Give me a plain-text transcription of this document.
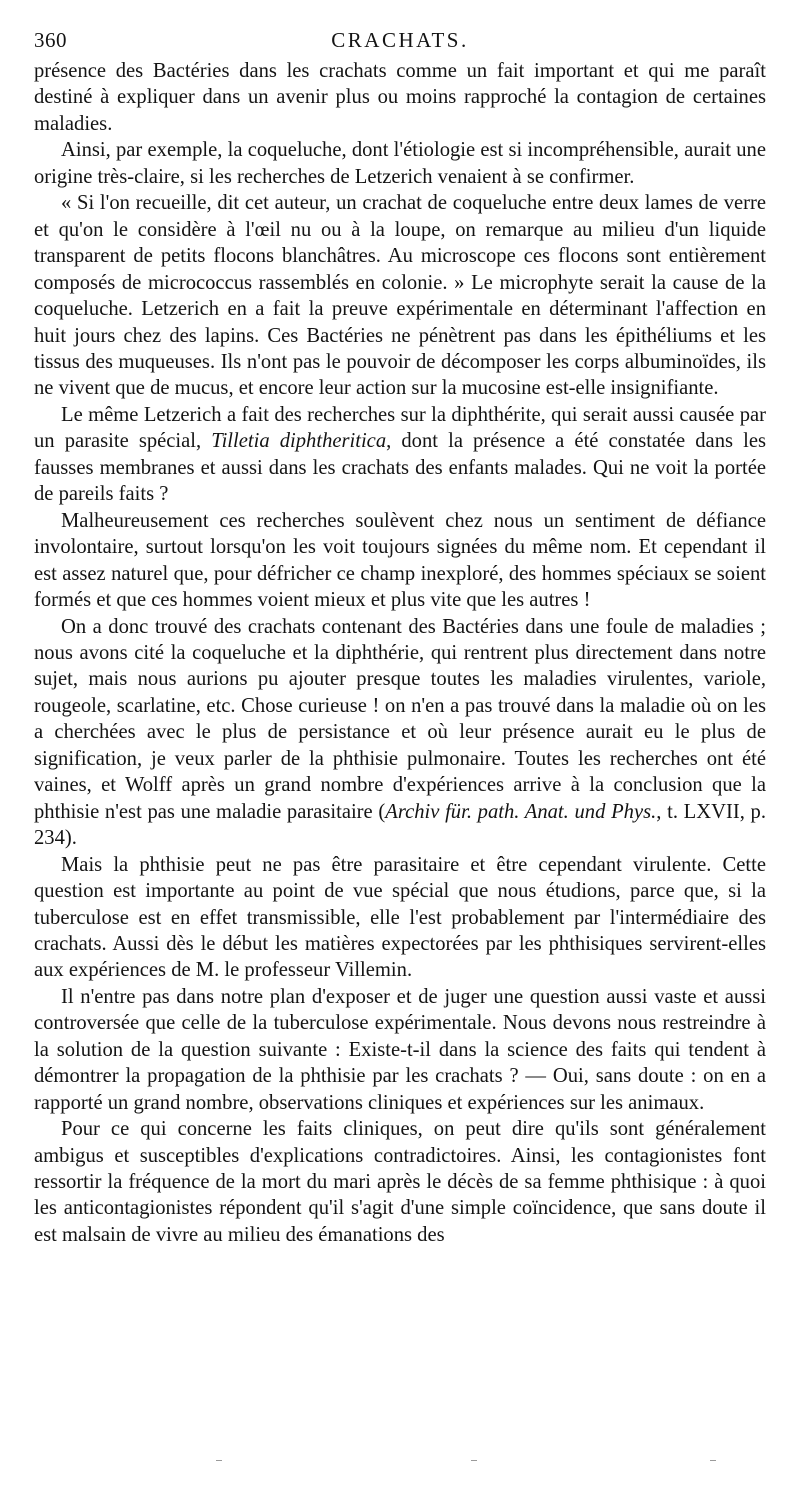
360	CRACHATS.

présence des Bactéries dans les crachats comme un fait important et qui me paraît destiné à expliquer dans un avenir plus ou moins rapproché la contagion de certaines maladies.

Ainsi, par exemple, la coqueluche, dont l'étiologie est si incompréhensible, aurait une origine très-claire, si les recherches de Letzerich venaient à se confirmer.

« Si l'on recueille, dit cet auteur, un crachat de coqueluche entre deux lames de verre et qu'on le considère à l'œil nu ou à la loupe, on remarque au milieu d'un liquide transparent de petits flocons blanchâtres. Au microscope ces flocons sont entièrement composés de micrococcus rassemblés en colonie. » Le microphyte serait la cause de la coqueluche. Letzerich en a fait la preuve expérimentale en déterminant l'affection en huit jours chez des lapins. Ces Bactéries ne pénètrent pas dans les épithéliums et les tissus des muqueuses. Ils n'ont pas le pouvoir de décomposer les corps albuminoïdes, ils ne vivent que de mucus, et encore leur action sur la mucosine est-elle insignifiante.

Le même Letzerich a fait des recherches sur la diphthérite, qui serait aussi causée par un parasite spécial, Tilletia diphtheritica, dont la présence a été constatée dans les fausses membranes et aussi dans les crachats des enfants malades. Qui ne voit la portée de pareils faits ?

Malheureusement ces recherches soulèvent chez nous un sentiment de défiance involontaire, surtout lorsqu'on les voit toujours signées du même nom. Et cependant il est assez naturel que, pour défricher ce champ inexploré, des hommes spéciaux se soient formés et que ces hommes voient mieux et plus vite que les autres !

On a donc trouvé des crachats contenant des Bactéries dans une foule de maladies ; nous avons cité la coqueluche et la diphthérie, qui rentrent plus directement dans notre sujet, mais nous aurions pu ajouter presque toutes les maladies virulentes, variole, rougeole, scarlatine, etc. Chose curieuse ! on n'en a pas trouvé dans la maladie où on les a cherchées avec le plus de persistance et où leur présence aurait eu le plus de signification, je veux parler de la phthisie pulmonaire. Toutes les recherches ont été vaines, et Wolff après un grand nombre d'expériences arrive à la conclusion que la phthisie n'est pas une maladie parasitaire (Archiv für. path. Anat. und Phys., t. LXVII, p. 234).

Mais la phthisie peut ne pas être parasitaire et être cependant virulente. Cette question est importante au point de vue spécial que nous étudions, parce que, si la tuberculose est en effet transmissible, elle l'est probablement par l'intermédiaire des crachats. Aussi dès le début les matières expectorées par les phthisiques servirent-elles aux expériences de M. le professeur Villemin.

Il n'entre pas dans notre plan d'exposer et de juger une question aussi vaste et aussi controversée que celle de la tuberculose expérimentale. Nous devons nous restreindre à la solution de la question suivante : Existe-t-il dans la science des faits qui tendent à démontrer la propagation de la phthisie par les crachats ? — Oui, sans doute : on en a rapporté un grand nombre, observations cliniques et expériences sur les animaux.

Pour ce qui concerne les faits cliniques, on peut dire qu'ils sont généralement ambigus et susceptibles d'explications contradictoires. Ainsi, les contagionistes font ressortir la fréquence de la mort du mari après le décès de sa femme phthisique : à quoi les anticontagionistes répondent qu'il s'agit d'une simple coïncidence, que sans doute il est malsain de vivre au milieu des émanations des
